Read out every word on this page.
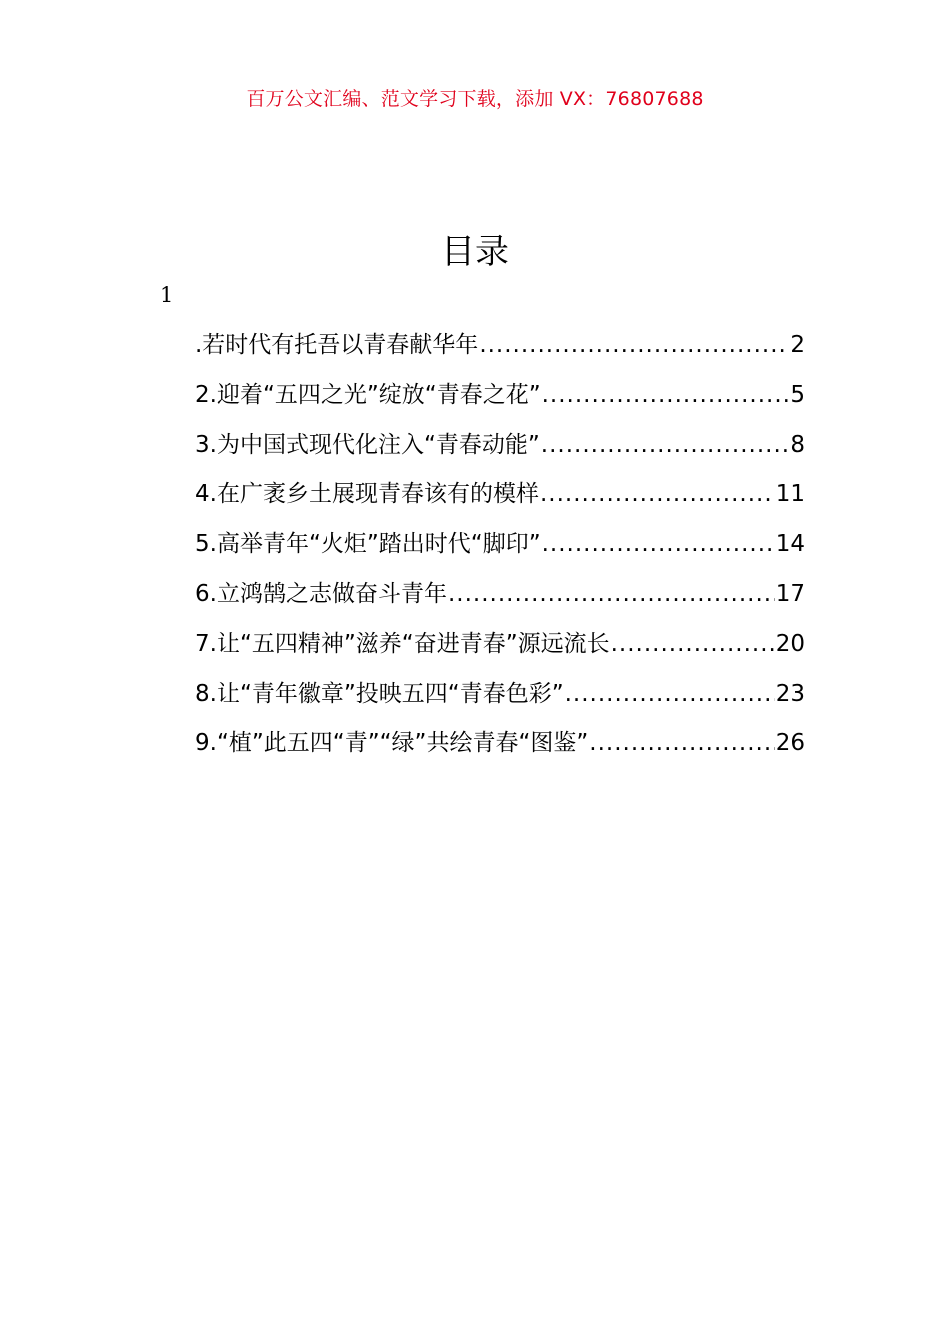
百万公文汇编、范文学习下载，添加 VX：76807688
目录
1
.若时代有托吾以青春献华年 .....	2
2.迎着“五四之光”绽放“青春之花” .....	5
3.为中国式现代化注入“青春动能” .....	8
4.在广袤乡土展现青春该有的模样 .....	11
5.高举青年“火炬”踏出时代“脚印” .....	14
6.立鸿鹄之志做奋斗青年 .....	17
7.让“五四精神”滋养“奋进青春”源远流长 .....	20
8.让“青年徽章”投映五四“青春色彩” .....	23
9.“植”此五四“青”“绿”共绘青春“图鉴” .....	26
